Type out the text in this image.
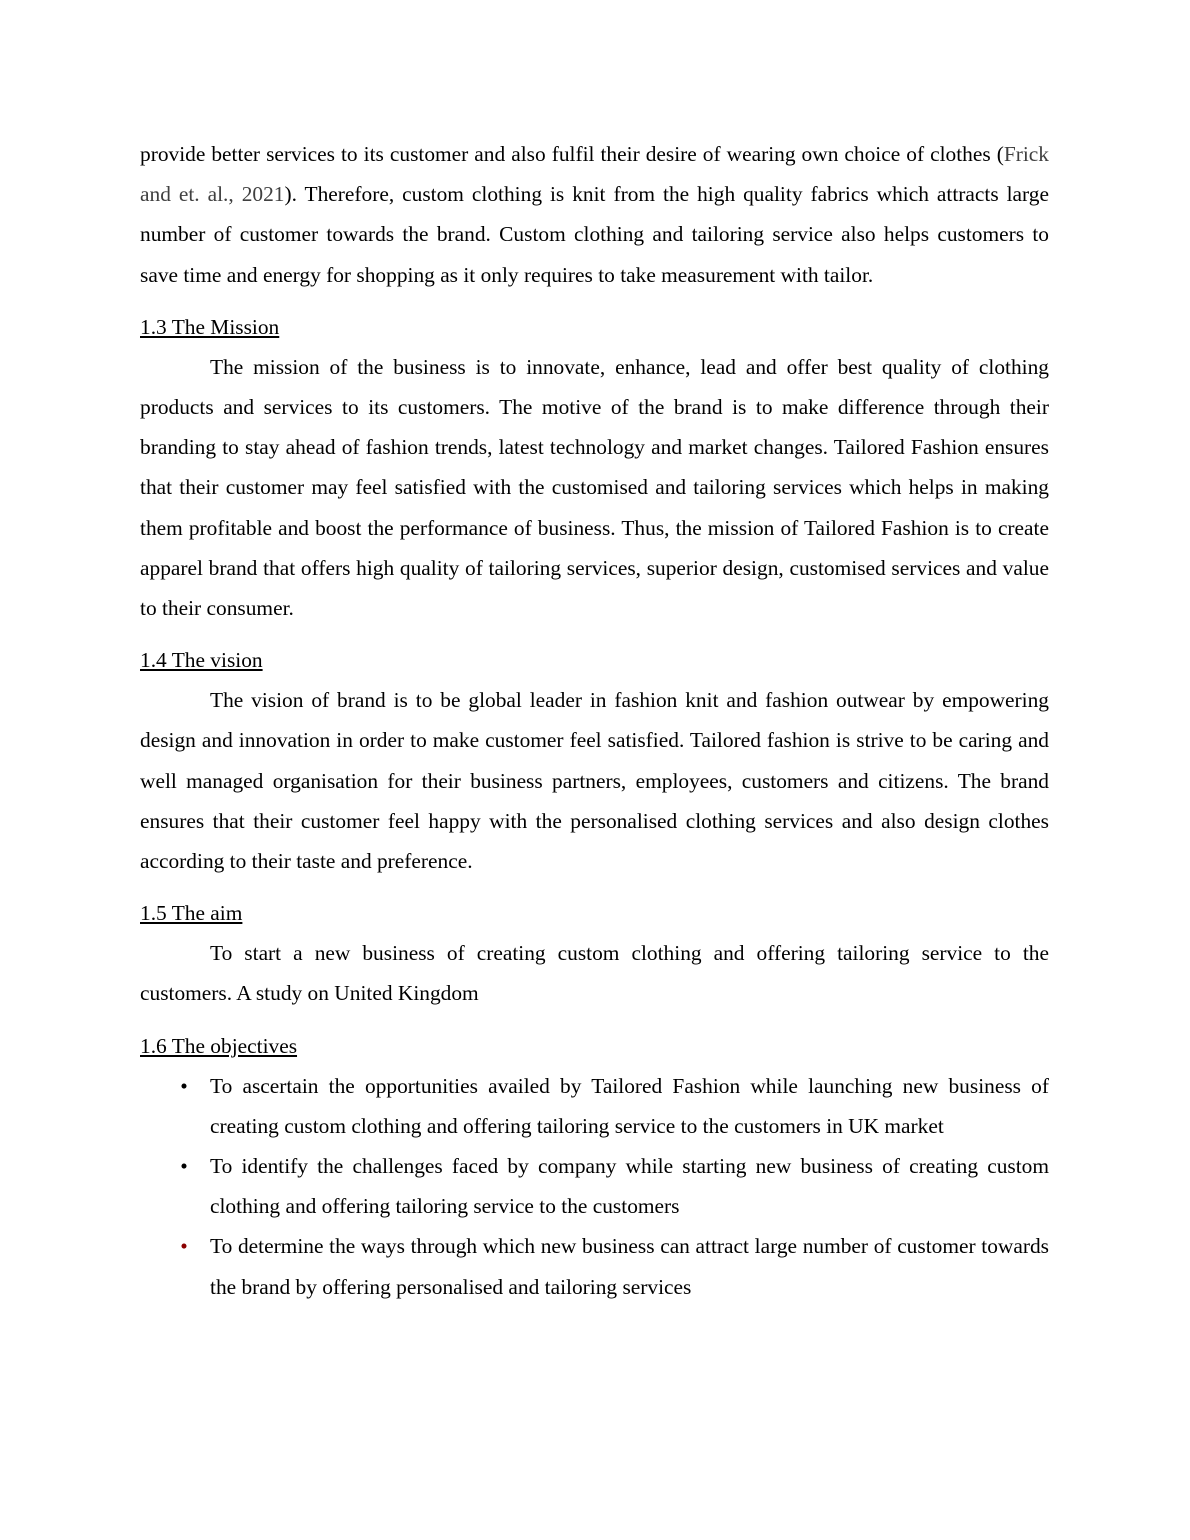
provide better services to its customer and also fulfil their desire of wearing own choice of clothes (Frick and et. al., 2021). Therefore, custom clothing is knit from the high quality fabrics which attracts large number of customer towards the brand. Custom clothing and tailoring service also helps customers to save time and energy for shopping as it only requires to take measurement with tailor.

1.3 The Mission

The mission of the business is to innovate, enhance, lead and offer best quality of clothing products and services to its customers. The motive of the brand is to make difference through their branding to stay ahead of fashion trends, latest technology and market changes. Tailored Fashion ensures that their customer may feel satisfied with the customised and tailoring services which helps in making them profitable and boost the performance of business. Thus, the mission of Tailored Fashion is to create apparel brand that offers high quality of tailoring services, superior design, customised services and value to their consumer.

1.4 The vision

The vision of brand is to be global leader in fashion knit and fashion outwear by empowering design and innovation in order to make customer feel satisfied. Tailored fashion is strive to be caring and well managed organisation for their business partners, employees, customers and citizens. The brand ensures that their customer feel happy with the personalised clothing services and also design clothes according to their taste and preference.

1.5 The aim

To start a new business of creating custom clothing and offering tailoring service to the customers. A study on United Kingdom

1.6 The objectives

• To ascertain the opportunities availed by Tailored Fashion while launching new business of creating custom clothing and offering tailoring service to the customers in UK market
• To identify the challenges faced by company while starting new business of creating custom clothing and offering tailoring service to the customers
• To determine the ways through which new business can attract large number of customer towards the brand by offering personalised and tailoring services
